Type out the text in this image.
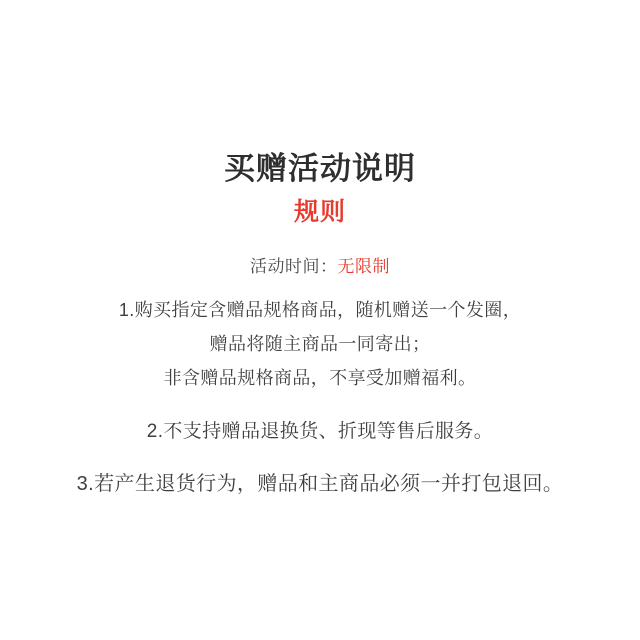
买赠活动说明
规则
活动时间：无限制
1.购买指定含赠品规格商品，随机赠送一个发圈，
赠品将随主商品一同寄出；
非含赠品规格商品，不享受加赠福利。
2.不支持赠品退换货、折现等售后服务。
3.若产生退货行为，赠品和主商品必须一并打包退回。
